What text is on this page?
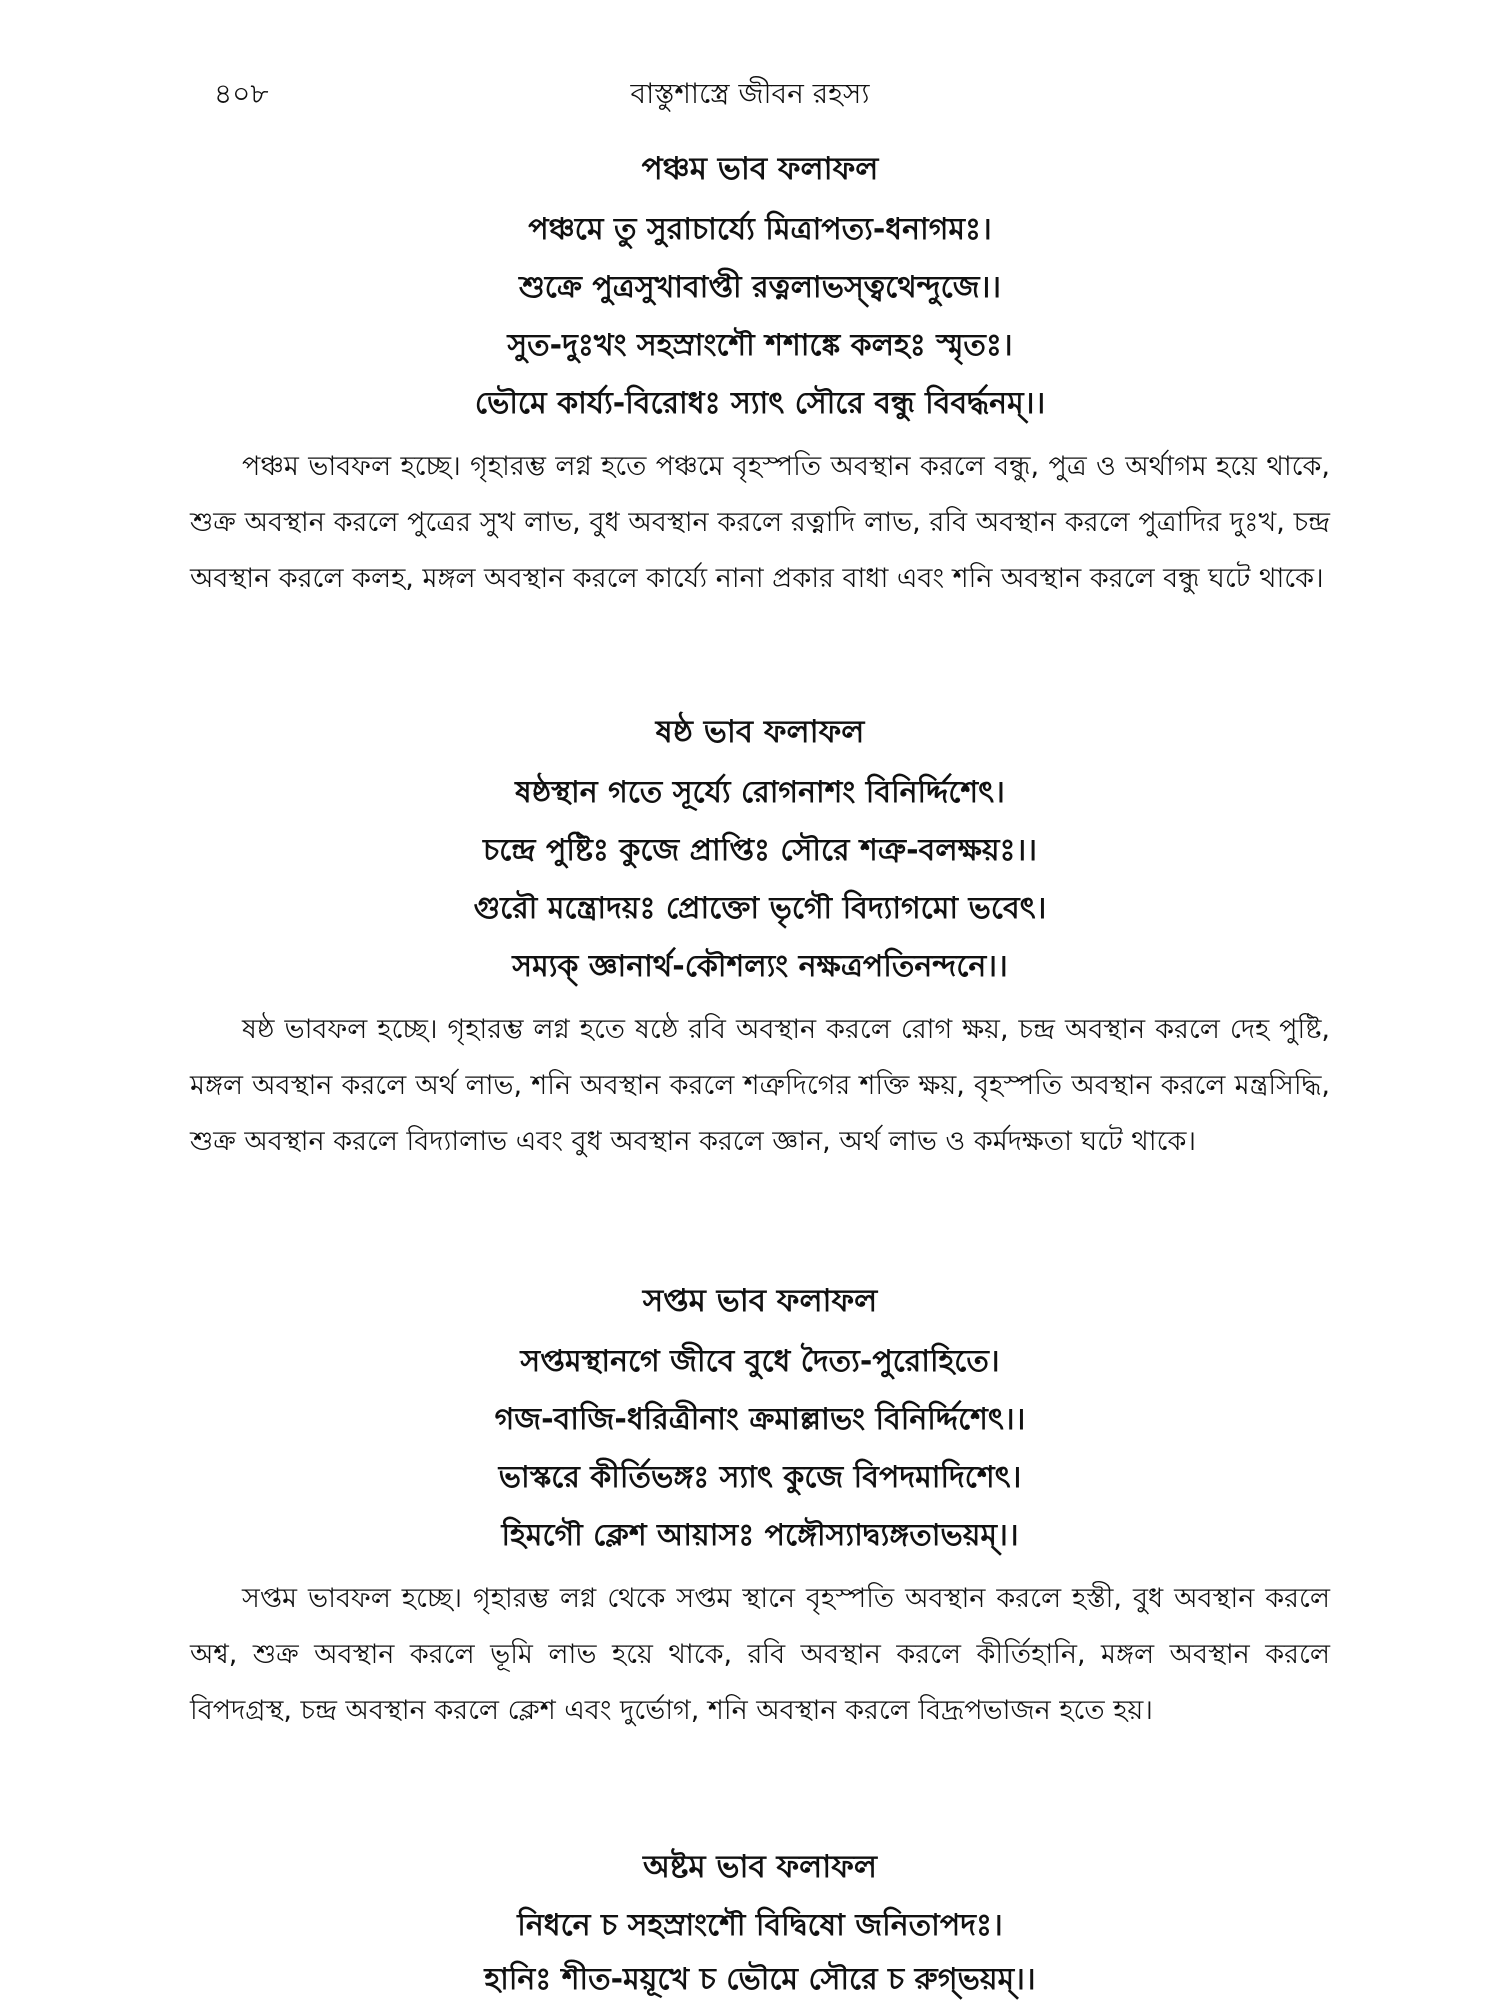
৪০৮	বাস্তুশাস্ত্রে জীবন রহস্য
পঞ্চম ভাব ফলাফল
পঞ্চমে তু সুরাচার্য্যে মিত্রাপত্য-ধনাগমঃ।
শুক্রে পুত্রসুখাবাপ্তী রত্নলাভস্ত্বথেন্দুজে।।
সুত-দুঃখং সহস্রাংশৌ শশাঙ্কে কলহঃ স্মৃতঃ।
ভৌমে কার্য্য-বিরোধঃ স্যাৎ সৌরে বন্ধু বিবর্দ্ধনম্।।

পঞ্চম ভাবফল হচ্ছে। গৃহারম্ভ লগ্ন হতে পঞ্চমে বৃহস্পতি অবস্থান করলে বন্ধু, পুত্র ও অর্থাগম হয়ে থাকে, শুক্র অবস্থান করলে পুত্রের সুখ লাভ, বুধ অবস্থান করলে রত্নাদি লাভ, রবি অবস্থান করলে পুত্রাদির দুঃখ, চন্দ্র অবস্থান করলে কলহ, মঙ্গল অবস্থান করলে কার্য্যে নানা প্রকার বাধা এবং শনি অবস্থান করলে বন্ধু ঘটে থাকে।

ষষ্ঠ ভাব ফলাফল
ষষ্ঠস্থান গতে সূর্য্যে রোগনাশং বিনির্দ্দিশেৎ।
চন্দ্রে পুষ্টিঃ কুজে প্রাপ্তিঃ সৌরে শত্রু-বলক্ষয়ঃ।।
গুরৌ মন্ত্রোদয়ঃ প্রোক্তো ভৃগৌ বিদ্যাগমো ভবেৎ।
সম্যক্ জ্ঞানার্থ-কৌশল্যং নক্ষত্রপতিনন্দনে।।

ষষ্ঠ ভাবফল হচ্ছে। গৃহারম্ভ লগ্ন হতে ষষ্ঠে রবি অবস্থান করলে রোগ ক্ষয়, চন্দ্র অবস্থান করলে দেহ পুষ্টি, মঙ্গল অবস্থান করলে অর্থ লাভ, শনি অবস্থান করলে শত্রুদিগের শক্তি ক্ষয়, বৃহস্পতি অবস্থান করলে মন্ত্রসিদ্ধি, শুক্র অবস্থান করলে বিদ্যালাভ এবং বুধ অবস্থান করলে জ্ঞান, অর্থ লাভ ও কর্মদক্ষতা ঘটে থাকে।

সপ্তম ভাব ফলাফল
সপ্তমস্থানগে জীবে বুধে দৈত্য-পুরোহিতে।
গজ-বাজি-ধরিত্রীনাং ক্রমাল্লাভং বিনির্দ্দিশেৎ।।
ভাস্করে কীর্তিভঙ্গঃ স্যাৎ কুজে বিপদমাদিশেৎ।
হিমগৌ ক্লেশ আয়াসঃ পঙ্গৌস্যাদ্ব্যঙ্গতাভয়ম্।।

সপ্তম ভাবফল হচ্ছে। গৃহারম্ভ লগ্ন থেকে সপ্তম স্থানে বৃহস্পতি অবস্থান করলে হস্তী, বুধ অবস্থান করলে অশ্ব, শুক্র অবস্থান করলে ভূমি লাভ হয়ে থাকে, রবি অবস্থান করলে কীর্তিহানি, মঙ্গল অবস্থান করলে বিপদগ্রস্থ, চন্দ্র অবস্থান করলে ক্লেশ এবং দুর্ভোগ, শনি অবস্থান করলে বিদ্রূপভাজন হতে হয়।

অষ্টম ভাব ফলাফল
নিধনে চ সহস্রাংশৌ বিদ্বিষো জনিতাপদঃ।
হানিঃ শীত-ময়ূখে চ ভৌমে সৌরে চ রুগ্‌ভয়ম্।।
